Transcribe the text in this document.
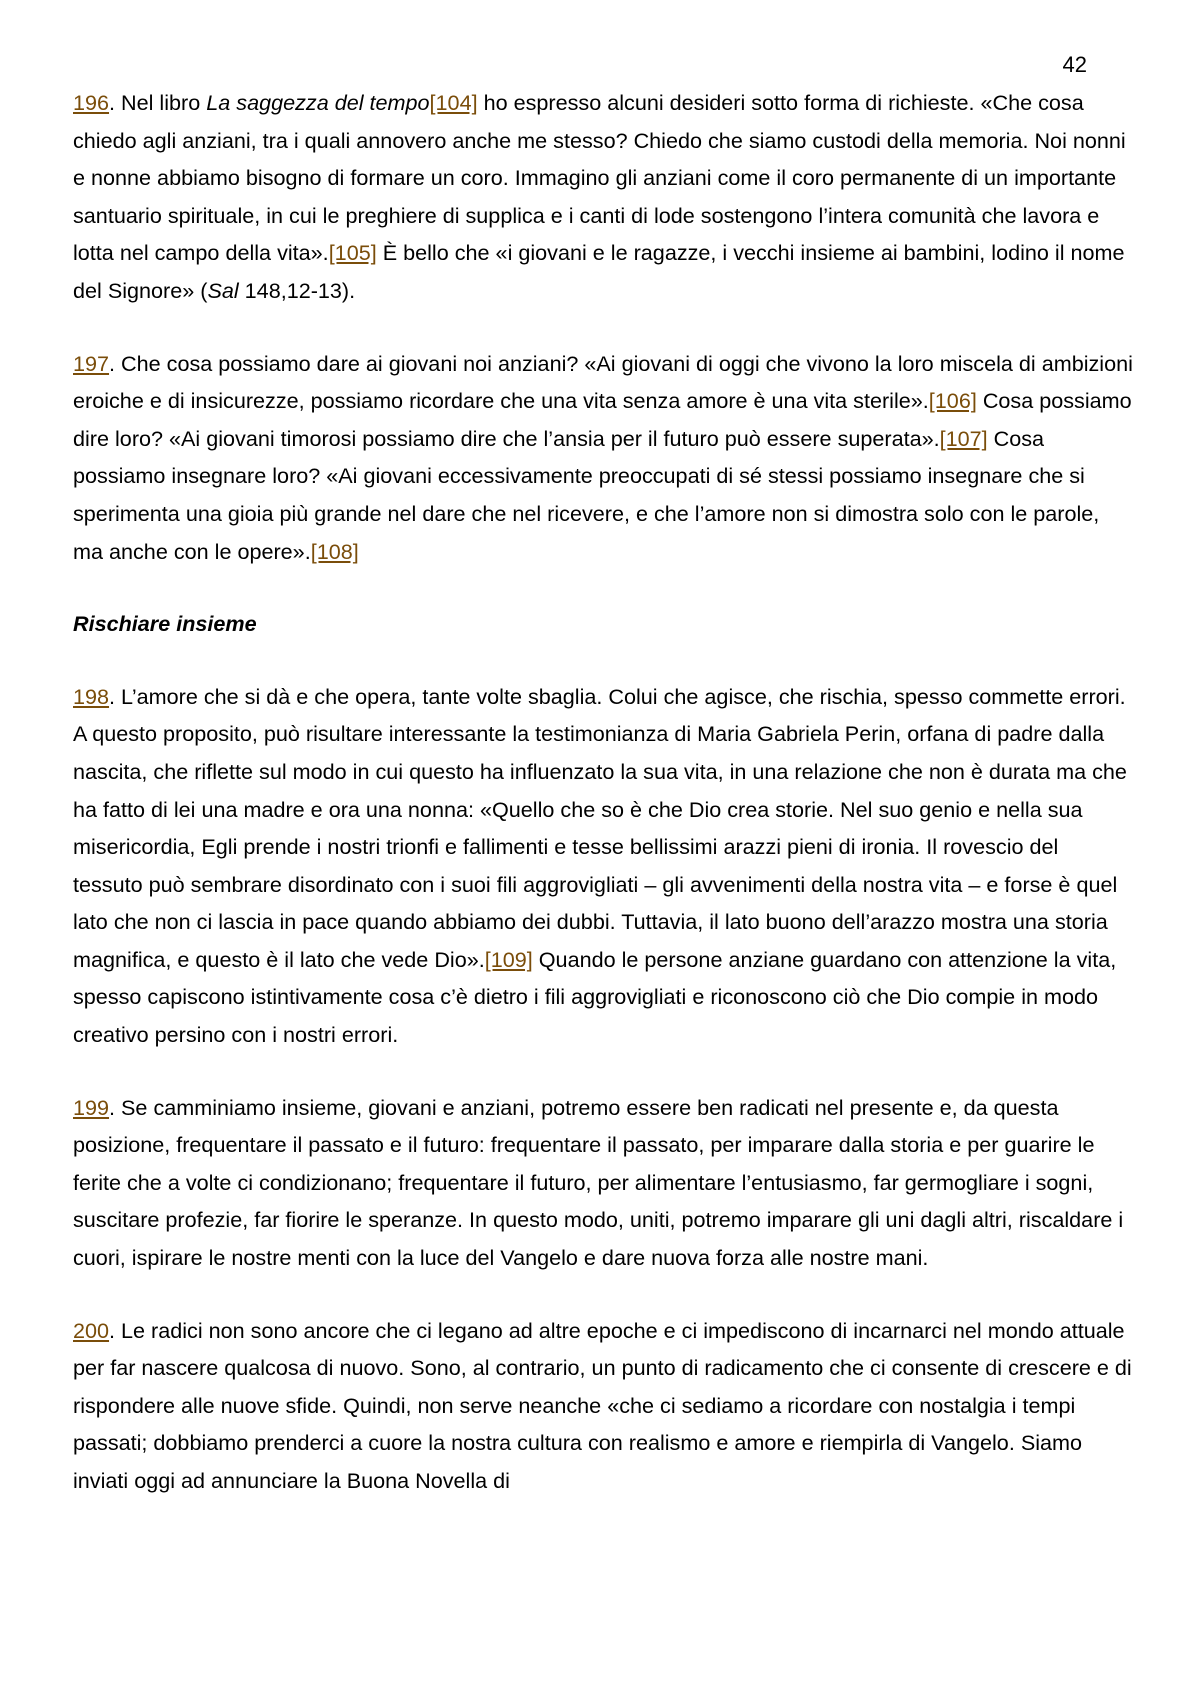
42

196. Nel libro La saggezza del tempo[104] ho espresso alcuni desideri sotto forma di richieste. «Che cosa chiedo agli anziani, tra i quali annovero anche me stesso? Chiedo che siamo custodi della memoria. Noi nonni e nonne abbiamo bisogno di formare un coro. Immagino gli anziani come il coro permanente di un importante santuario spirituale, in cui le preghiere di supplica e i canti di lode sostengono l’intera comunità che lavora e lotta nel campo della vita».[105] È bello che «i giovani e le ragazze, i vecchi insieme ai bambini, lodino il nome del Signore» (Sal 148,12-13).

197. Che cosa possiamo dare ai giovani noi anziani? «Ai giovani di oggi che vivono la loro miscela di ambizioni eroiche e di insicurezze, possiamo ricordare che una vita senza amore è una vita sterile».[106] Cosa possiamo dire loro? «Ai giovani timorosi possiamo dire che l’ansia per il futuro può essere superata».[107] Cosa possiamo insegnare loro? «Ai giovani eccessivamente preoccupati di sé stessi possiamo insegnare che si sperimenta una gioia più grande nel dare che nel ricevere, e che l’amore non si dimostra solo con le parole, ma anche con le opere».[108]

Rischiare insieme

198. L’amore che si dà e che opera, tante volte sbaglia. Colui che agisce, che rischia, spesso commette errori. A questo proposito, può risultare interessante la testimonianza di Maria Gabriela Perin, orfana di padre dalla nascita, che riflette sul modo in cui questo ha influenzato la sua vita, in una relazione che non è durata ma che ha fatto di lei una madre e ora una nonna: «Quello che so è che Dio crea storie. Nel suo genio e nella sua misericordia, Egli prende i nostri trionfi e fallimenti e tesse bellissimi arazzi pieni di ironia. Il rovescio del tessuto può sembrare disordinato con i suoi fili aggrovigliati – gli avvenimenti della nostra vita – e forse è quel lato che non ci lascia in pace quando abbiamo dei dubbi. Tuttavia, il lato buono dell’arazzo mostra una storia magnifica, e questo è il lato che vede Dio».[109] Quando le persone anziane guardano con attenzione la vita, spesso capiscono istintivamente cosa c’è dietro i fili aggrovigliati e riconoscono ciò che Dio compie in modo creativo persino con i nostri errori.

199. Se camminiamo insieme, giovani e anziani, potremo essere ben radicati nel presente e, da questa posizione, frequentare il passato e il futuro: frequentare il passato, per imparare dalla storia e per guarire le ferite che a volte ci condizionano; frequentare il futuro, per alimentare l’entusiasmo, far germogliare i sogni, suscitare profezie, far fiorire le speranze. In questo modo, uniti, potremo imparare gli uni dagli altri, riscaldare i cuori, ispirare le nostre menti con la luce del Vangelo e dare nuova forza alle nostre mani.

200. Le radici non sono ancore che ci legano ad altre epoche e ci impediscono di incarnarci nel mondo attuale per far nascere qualcosa di nuovo. Sono, al contrario, un punto di radicamento che ci consente di crescere e di rispondere alle nuove sfide. Quindi, non serve neanche «che ci sediamo a ricordare con nostalgia i tempi passati; dobbiamo prenderci a cuore la nostra cultura con realismo e amore e riempirla di Vangelo. Siamo inviati oggi ad annunciare la Buona Novella di
